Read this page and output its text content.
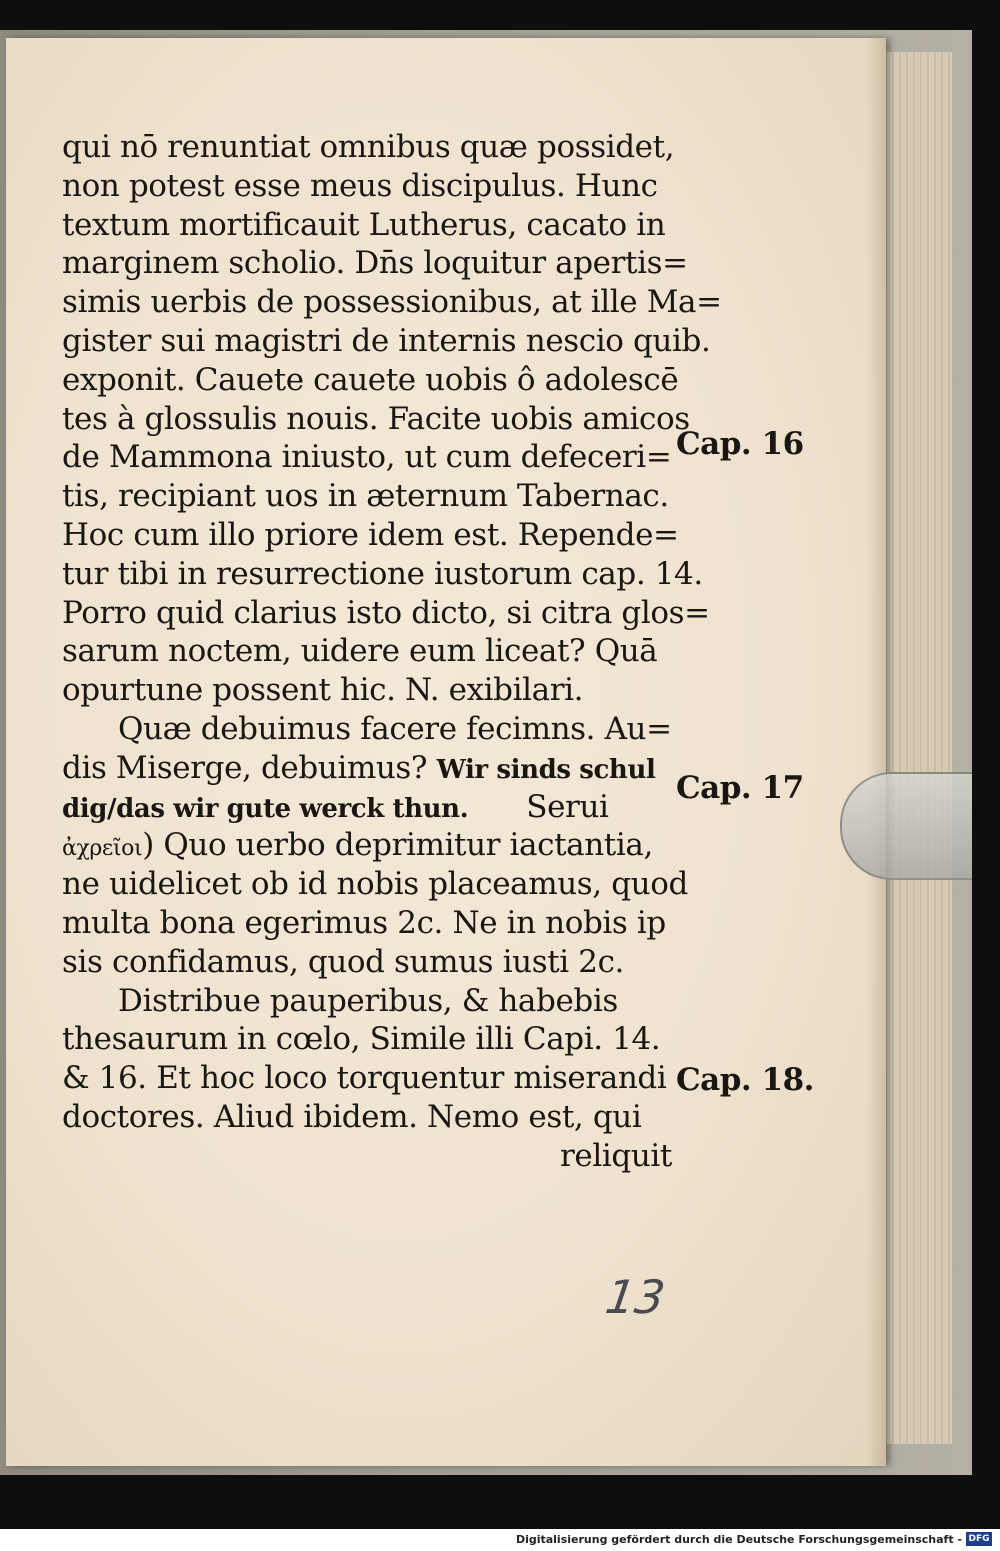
qui nō renuntiat omnibus quæ possidet,
non potest esse meus discipulus. Hunc
textum mortificauit Lutherus, cacato in
marginem scholio. Dn̄s loquitur apertis=
simis uerbis de possessionibus, at ille Ma=
gister sui magistri de internis nescio quib.
exponit. Cauete cauete uobis ô adolescē
tes à glossulis nouis. Facite uobis amicos
de Mammona iniusto, ut cum defeceri=
tis, recipiant uos in æternum Tabernac.
Hoc cum illo priore idem est. Repende=
tur tibi in resurrectione iustorum cap. 14.
Porro quid clarius isto dicto, si citra glos=
sarum noctem, uidere eum liceat? Quā
opurtune possent hic. N. exibilari.
Quæ debuimus facere fecimns. Au=
dis Miserge, debuimus? Wir sinds schul
dig/das wir gute werck thun. Serui
ἀχρεῖοι) Quo uerbo deprimitur iactantia,
ne uidelicet ob id nobis placeamus, quod
multa bona egerimus 2c. Ne in nobis ip
sis confidamus, quod sumus iusti 2c.
Distribue pauperibus, & habebis
thesaurum in cœlo, Simile illi Capi. 14.
& 16. Et hoc loco torquentur miserandi
doctores. Aliud ibidem. Nemo est, qui
reliquit
Cap. 16
Cap. 17
Cap. 18.
13
Digitalisierung gefördert durch die Deutsche Forschungsgemeinschaft - DFG
